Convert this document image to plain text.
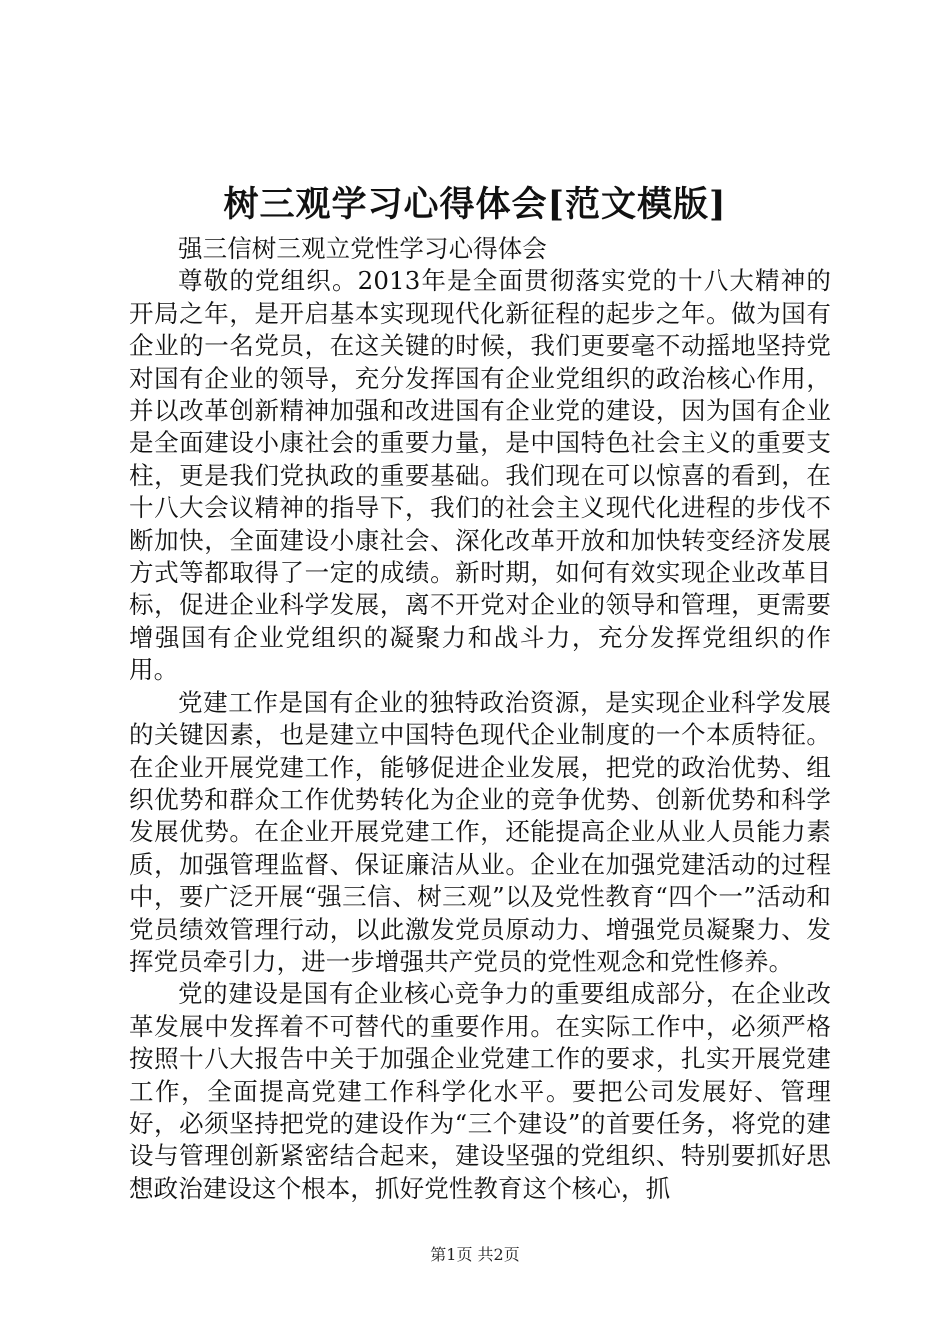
树三观学习心得体会[范文模版]

强三信树三观立党性学习心得体会

尊敬的党组织。2013年是全面贯彻落实党的十八大精神的开局之年，是开启基本实现现代化新征程的起步之年。做为国有企业的一名党员，在这关键的时候，我们更要毫不动摇地坚持党对国有企业的领导，充分发挥国有企业党组织的政治核心作用，并以改革创新精神加强和改进国有企业党的建设，因为国有企业是全面建设小康社会的重要力量，是中国特色社会主义的重要支柱，更是我们党执政的重要基础。我们现在可以惊喜的看到，在十八大会议精神的指导下，我们的社会主义现代化进程的步伐不断加快，全面建设小康社会、深化改革开放和加快转变经济发展方式等都取得了一定的成绩。新时期，如何有效实现企业改革目标，促进企业科学发展，离不开党对企业的领导和管理，更需要增强国有企业党组织的凝聚力和战斗力，充分发挥党组织的作用。

党建工作是国有企业的独特政治资源，是实现企业科学发展的关键因素，也是建立中国特色现代企业制度的一个本质特征。在企业开展党建工作，能够促进企业发展，把党的政治优势、组织优势和群众工作优势转化为企业的竞争优势、创新优势和科学发展优势。在企业开展党建工作，还能提高企业从业人员能力素质，加强管理监督、保证廉洁从业。企业在加强党建活动的过程中，要广泛开展“强三信、树三观”以及党性教育“四个一”活动和党员绩效管理行动，以此激发党员原动力、增强党员凝聚力、发挥党员牵引力，进一步增强共产党员的党性观念和党性修养。

党的建设是国有企业核心竞争力的重要组成部分，在企业改革发展中发挥着不可替代的重要作用。在实际工作中，必须严格按照十八大报告中关于加强企业党建工作的要求，扎实开展党建工作，全面提高党建工作科学化水平。要把公司发展好、管理好，必须坚持把党的建设作为“三个建设”的首要任务，将党的建设与管理创新紧密结合起来，建设坚强的党组织、特别要抓好思想政治建设这个根本，抓好党性教育这个核心，抓

第1页 共2页
